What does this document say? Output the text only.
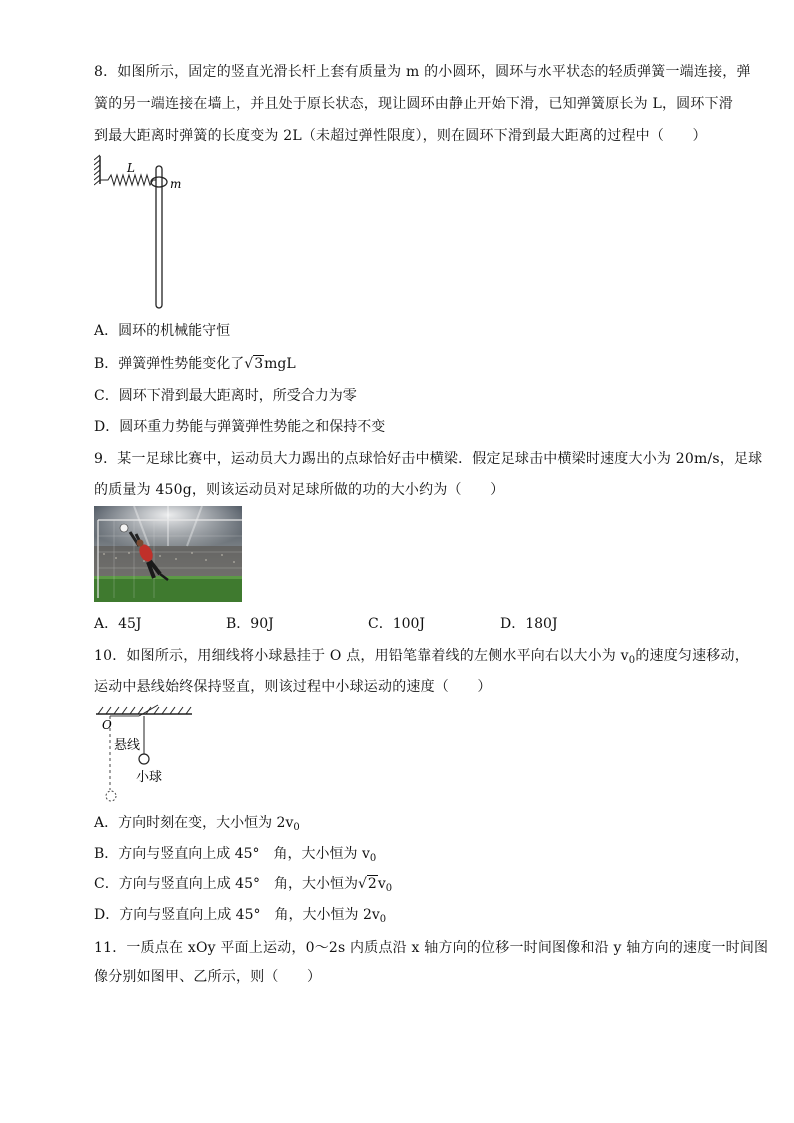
8．如图所示，固定的竖直光滑长杆上套有质量为 m 的小圆环，圆环与水平状态的轻质弹簧一端连接，弹
簧的另一端连接在墙上，并且处于原长状态，现让圆环由静止开始下滑，已知弹簧原长为 L，圆环下滑
到最大距离时弹簧的长度变为 2L（未超过弹性限度），则在圆环下滑到最大距离的过程中（　　）
L
m
A．圆环的机械能守恒
B．弹簧弹性势能变化了√3mgL
C．圆环下滑到最大距离时，所受合力为零
D．圆环重力势能与弹簧弹性势能之和保持不变
9．某一足球比赛中，运动员大力踢出的点球恰好击中横梁．假定足球击中横梁时速度大小为 20m/s，足球
的质量为 450g，则该运动员对足球所做的功的大小约为（　　）
A．45J	B．90J	C．100J	D．180J
10．如图所示，用细线将小球悬挂于 O 点，用铅笔靠着线的左侧水平向右以大小为 $v_0$的速度匀速移动，
运动中悬线始终保持竖直，则该过程中小球运动的速度（　　）
O
悬线
小球
A．方向时刻在变，大小恒为 $2v_0$
B．方向与竖直向上成 45°　角，大小恒为 $v_0$
C．方向与竖直向上成 45°　角，大小恒为$√2v_0$
D．方向与竖直向上成 45°　角，大小恒为 $2v_0$
11．一质点在 xOy 平面上运动，0～2s 内质点沿 x 轴方向的位移一时间图像和沿 y 轴方向的速度一时间图
像分别如图甲、乙所示，则（　　）
